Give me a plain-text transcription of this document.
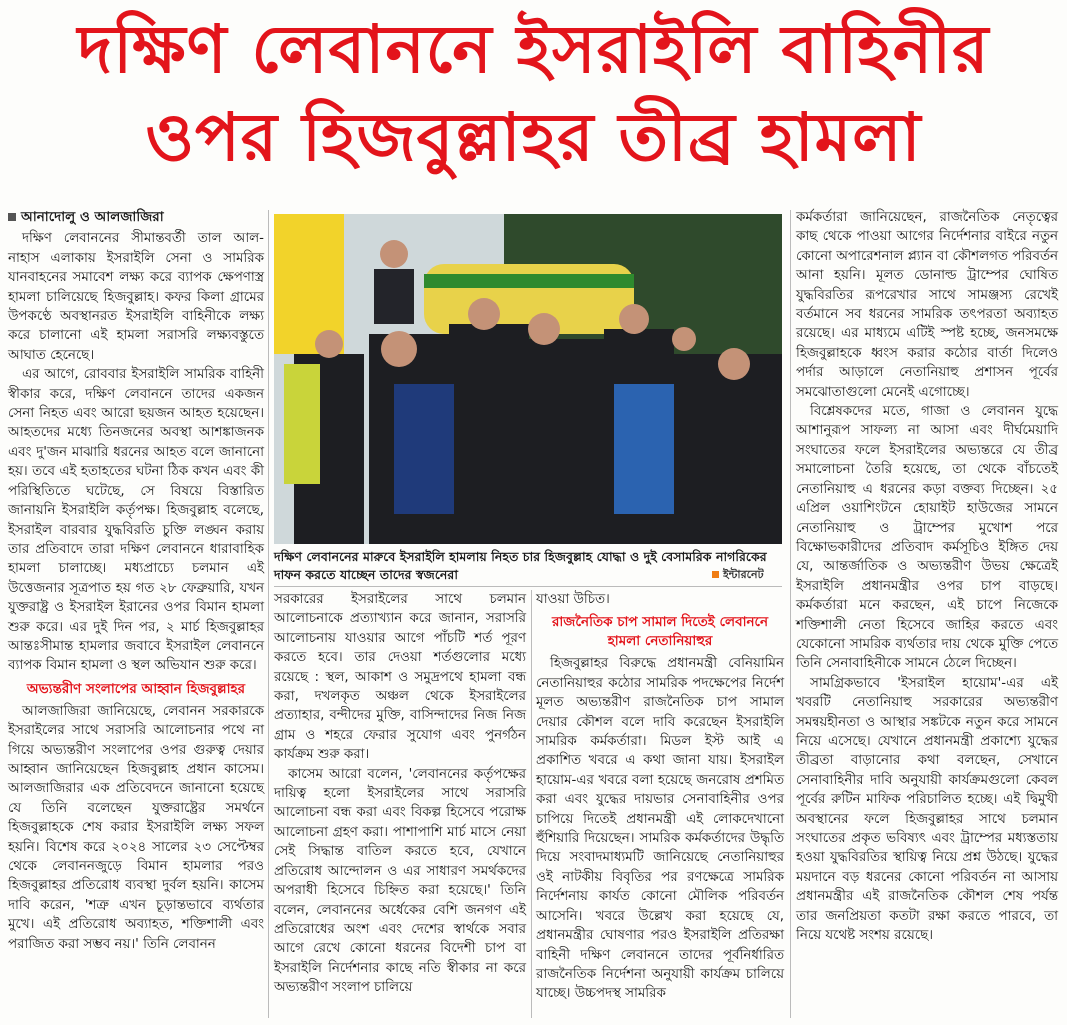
দক্ষিণ লেবাননে ইসরাইলি বাহিনীর
ওপর হিজবুল্লাহর তীব্র হামলা
আনাদোলু ও আলজাজিরা

দক্ষিণ লেবাননের সীমান্তবর্তী তাল আল-নাহাস এলাকায় ইসরাইলি সেনা ও সামরিক যানবাহনের সমাবেশ লক্ষ্য করে ব্যাপক ক্ষেপণাস্ত্র হামলা চালিয়েছে হিজবুল্লাহ। কফর কিলা গ্রামের উপকণ্ঠে অবস্থানরত ইসরাইলি বাহিনীকে লক্ষ্য করে চালানো এই হামলা সরাসরি লক্ষ্যবস্তুতে আঘাত হেনেছে।

এর আগে, রোববার ইসরাইলি সামরিক বাহিনী স্বীকার করে, দক্ষিণ লেবাননে তাদের একজন সেনা নিহত এবং আরো ছয়জন আহত হয়েছেন। আহতদের মধ্যে তিনজনের অবস্থা আশঙ্কাজনক এবং দু'জন মাঝারি ধরনের আহত বলে জানানো হয়। তবে এই হতাহতের ঘটনা ঠিক কখন এবং কী পরিস্থিতিতে ঘটেছে, সে বিষয়ে বিস্তারিত জানায়নি ইসরাইলি কর্তৃপক্ষ। হিজবুল্লাহ বলেছে, ইসরাইল বারবার যুদ্ধবিরতি চুক্তি লঙ্ঘন করায় তার প্রতিবাদে তারা দক্ষিণ লেবাননে ধারাবাহিক হামলা চালাচ্ছে। মধ্যপ্রাচ্যে চলমান এই উত্তেজনার সূত্রপাত হয় গত ২৮ ফেব্রুয়ারি, যখন যুক্তরাষ্ট্র ও ইসরাইল ইরানের ওপর বিমান হামলা শুরু করে। এর দুই দিন পর, ২ মার্চ হিজবুল্লাহর আন্তঃসীমান্ত হামলার জবাবে ইসরাইল লেবাননে ব্যাপক বিমান হামলা ও স্থল অভিযান শুরু করে।

অভ্যন্তরীণ সংলাপের আহ্বান হিজবুল্লাহর

আলজাজিরা জানিয়েছে, লেবানন সরকারকে ইসরাইলের সাথে সরাসরি আলোচনার পথে না গিয়ে অভ্যন্তরীণ সংলাপের ওপর গুরুত্ব দেয়ার আহ্বান জানিয়েছেন হিজবুল্লাহ প্রধান কাসেম। আলজাজিরার এক প্রতিবেদনে জানানো হয়েছে যে তিনি বলেছেন যুক্তরাষ্ট্রের সমর্থনে হিজবুল্লাহকে শেষ করার ইসরাইলি লক্ষ্য সফল হয়নি। বিশেষ করে ২০২৪ সালের ২৩ সেপ্টেম্বর থেকে লেবাননজুড়ে বিমান হামলার পরও হিজবুল্লাহর প্রতিরোধ ব্যবস্থা দুর্বল হয়নি। কাসেম দাবি করেন, 'শত্রু এখন চূড়ান্তভাবে ব্যর্থতার মুখে। এই প্রতিরোধ অব্যাহত, শক্তিশালী এবং পরাজিত করা সম্ভব নয়।' তিনি লেবানন

দক্ষিণ লেবাননের মারুবে ইসরাইলি হামলায় নিহত চার হিজবুল্লাহ যোদ্ধা ও দুই বেসামরিক নাগরিকের দাফন করতে যাচ্ছেন তাদের স্বজনেরা	ইন্টারনেট

সরকারের ইসরাইলের সাথে চলমান আলোচনাকে প্রত্যাখ্যান করে জানান, সরাসরি আলোচনায় যাওয়ার আগে পাঁচটি শর্ত পূরণ করতে হবে। তার দেওয়া শর্তগুলোর মধ্যে রয়েছে : স্থল, আকাশ ও সমুদ্রপথে হামলা বন্ধ করা, দখলকৃত অঞ্চল থেকে ইসরাইলের প্রত্যাহার, বন্দীদের মুক্তি, বাসিন্দাদের নিজ নিজ গ্রাম ও শহরে ফেরার সুযোগ এবং পুনর্গঠন কার্যক্রম শুরু করা।

কাসেম আরো বলেন, 'লেবাননের কর্তৃপক্ষের দায়িত্ব হলো ইসরাইলের সাথে সরাসরি আলোচনা বন্ধ করা এবং বিকল্প হিসেবে পরোক্ষ আলোচনা গ্রহণ করা। পাশাপাশি মার্চ মাসে নেয়া সেই সিদ্ধান্ত বাতিল করতে হবে, যেখানে প্রতিরোধ আন্দোলন ও এর সাধারণ সমর্থকদের অপরাধী হিসেবে চিহ্নিত করা হয়েছে।' তিনি বলেন, লেবাননের অর্ধেকের বেশি জনগণ এই প্রতিরোধের অংশ এবং দেশের স্বার্থকে সবার আগে রেখে কোনো ধরনের বিদেশী চাপ বা ইসরাইলি নির্দেশনার কাছে নতি স্বীকার না করে অভ্যন্তরীণ সংলাপ চালিয়ে

যাওয়া উচিত।

রাজনৈতিক চাপ সামাল দিতেই লেবাননে হামলা নেতানিয়াহুর

হিজবুল্লাহর বিরুদ্ধে প্রধানমন্ত্রী বেনিয়ামিন নেতানিয়াহুর কঠোর সামরিক পদক্ষেপের নির্দেশ মূলত অভ্যন্তরীণ রাজনৈতিক চাপ সামাল দেয়ার কৌশল বলে দাবি করেছেন ইসরাইলি সামরিক কর্মকর্তারা। মিডল ইস্ট আই এ প্রকাশিত খবরে এ কথা জানা যায়। ইসরাইল হায়োম-এর খবরে বলা হয়েছে জনরোষ প্রশমিত করা এবং যুদ্ধের দায়ভার সেনাবাহিনীর ওপর চাপিয়ে দিতেই প্রধানমন্ত্রী এই লোকদেখানো হুঁশিয়ারি দিয়েছেন। সামরিক কর্মকর্তাদের উদ্ধৃতি দিয়ে সংবাদমাধ্যমটি জানিয়েছে নেতানিয়াহুর ওই নাটকীয় বিবৃতির পর রণক্ষেত্রে সামরিক নির্দেশনায় কার্যত কোনো মৌলিক পরিবর্তন আসেনি। খবরে উল্লেখ করা হয়েছে যে, প্রধানমন্ত্রীর ঘোষণার পরও ইসরাইলি প্রতিরক্ষা বাহিনী দক্ষিণ লেবাননে তাদের পূর্বনির্ধারিত রাজনৈতিক নির্দেশনা অনুযায়ী কার্যক্রম চালিয়ে যাচ্ছে। উচ্চপদস্থ সামরিক

কর্মকর্তারা জানিয়েছেন, রাজনৈতিক নেতৃত্বের কাছ থেকে পাওয়া আগের নির্দেশনার বাইরে নতুন কোনো অপারেশনাল প্ল্যান বা কৌশলগত পরিবর্তন আনা হয়নি। মূলত ডোনাল্ড ট্রাম্পের ঘোষিত যুদ্ধবিরতির রূপরেখার সাথে সামঞ্জস্য রেখেই বর্তমানে সব ধরনের সামরিক তৎপরতা অব্যাহত রয়েছে। এর মাধ্যমে এটিই স্পষ্ট হচ্ছে, জনসমক্ষে হিজবুল্লাহকে ধ্বংস করার কঠোর বার্তা দিলেও পর্দার আড়ালে নেতানিয়াহু প্রশাসন পূর্বের সমঝোতাগুলো মেনেই এগোচ্ছে।

বিশ্লেষকদের মতে, গাজা ও লেবানন যুদ্ধে আশানুরূপ সাফল্য না আসা এবং দীর্ঘমেয়াদি সংঘাতের ফলে ইসরাইলের অভ্যন্তরে যে তীব্র সমালোচনা তৈরি হয়েছে, তা থেকে বাঁচতেই নেতানিয়াহু এ ধরনের কড়া বক্তব্য দিচ্ছেন। ২৫ এপ্রিল ওয়াশিংটনে হোয়াইট হাউজের সামনে নেতানিয়াহু ও ট্রাম্পের মুখোশ পরে বিক্ষোভকারীদের প্রতিবাদ কর্মসূচিও ইঙ্গিত দেয় যে, আন্তর্জাতিক ও অভ্যন্তরীণ উভয় ক্ষেত্রেই ইসরাইলি প্রধানমন্ত্রীর ওপর চাপ বাড়ছে। কর্মকর্তারা মনে করছেন, এই চাপে নিজেকে শক্তিশালী নেতা হিসেবে জাহির করতে এবং যেকোনো সামরিক ব্যর্থতার দায় থেকে মুক্তি পেতে তিনি সেনাবাহিনীকে সামনে ঠেলে দিচ্ছেন।

সামগ্রিকভাবে 'ইসরাইল হায়োম'-এর এই খবরটি নেতানিয়াহু সরকারের অভ্যন্তরীণ সমন্বয়হীনতা ও আস্থার সঙ্কটকে নতুন করে সামনে নিয়ে এসেছে। যেখানে প্রধানমন্ত্রী প্রকাশ্যে যুদ্ধের তীব্রতা বাড়ানোর কথা বলছেন, সেখানে সেনাবাহিনীর দাবি অনুযায়ী কার্যক্রমগুলো কেবল পূর্বের রুটিন মাফিক পরিচালিত হচ্ছে। এই দ্বিমুখী অবস্থানের ফলে হিজবুল্লাহর সাথে চলমান সংঘাতের প্রকৃত ভবিষ্যৎ এবং ট্রাম্পের মধ্যস্ততায় হওয়া যুদ্ধবিরতির স্থায়িত্ব নিয়ে প্রশ্ন উঠছে। যুদ্ধের ময়দানে বড় ধরনের কোনো পরিবর্তন না আসায় প্রধানমন্ত্রীর এই রাজনৈতিক কৌশল শেষ পর্যন্ত তার জনপ্রিয়তা কতটা রক্ষা করতে পারবে, তা নিয়ে যথেষ্ট সংশয় রয়েছে।
